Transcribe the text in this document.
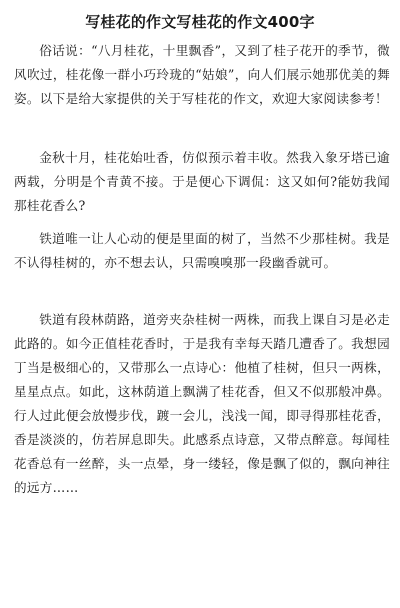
写桂花的作文写桂花的作文400字

俗话说：“八月桂花，十里飘香”，又到了桂子花开的季节，微风吹过，桂花像一群小巧玲珑的“姑娘”，向人们展示她那优美的舞姿。以下是给大家提供的关于写桂花的作文，欢迎大家阅读参考！

金秋十月，桂花始吐香，仿似预示着丰收。然我入象牙塔已逾两载，分明是个青黄不接。于是便心下调侃：这又如何?能妨我闻那桂花香么?

铁道唯一让人心动的便是里面的树了，当然不少那桂树。我是不认得桂树的，亦不想去认，只需嗅嗅那一段幽香就可。

铁道有段林荫路，道旁夹杂桂树一两株，而我上课自习是必走此路的。如今正值桂花香时，于是我有幸每天踏几遭香了。我想园丁当是极细心的，又带那么一点诗心：他植了桂树，但只一两株，星星点点。如此，这林荫道上飘满了桂花香，但又不似那般冲鼻。行人过此便会放慢步伐，踱一会儿，浅浅一闻，即寻得那桂花香，香是淡淡的，仿若屏息即失。此感系点诗意，又带点醉意。每闻桂花香总有一丝醉，头一点晕，身一缕轻，像是飘了似的，飘向神往的远方……
